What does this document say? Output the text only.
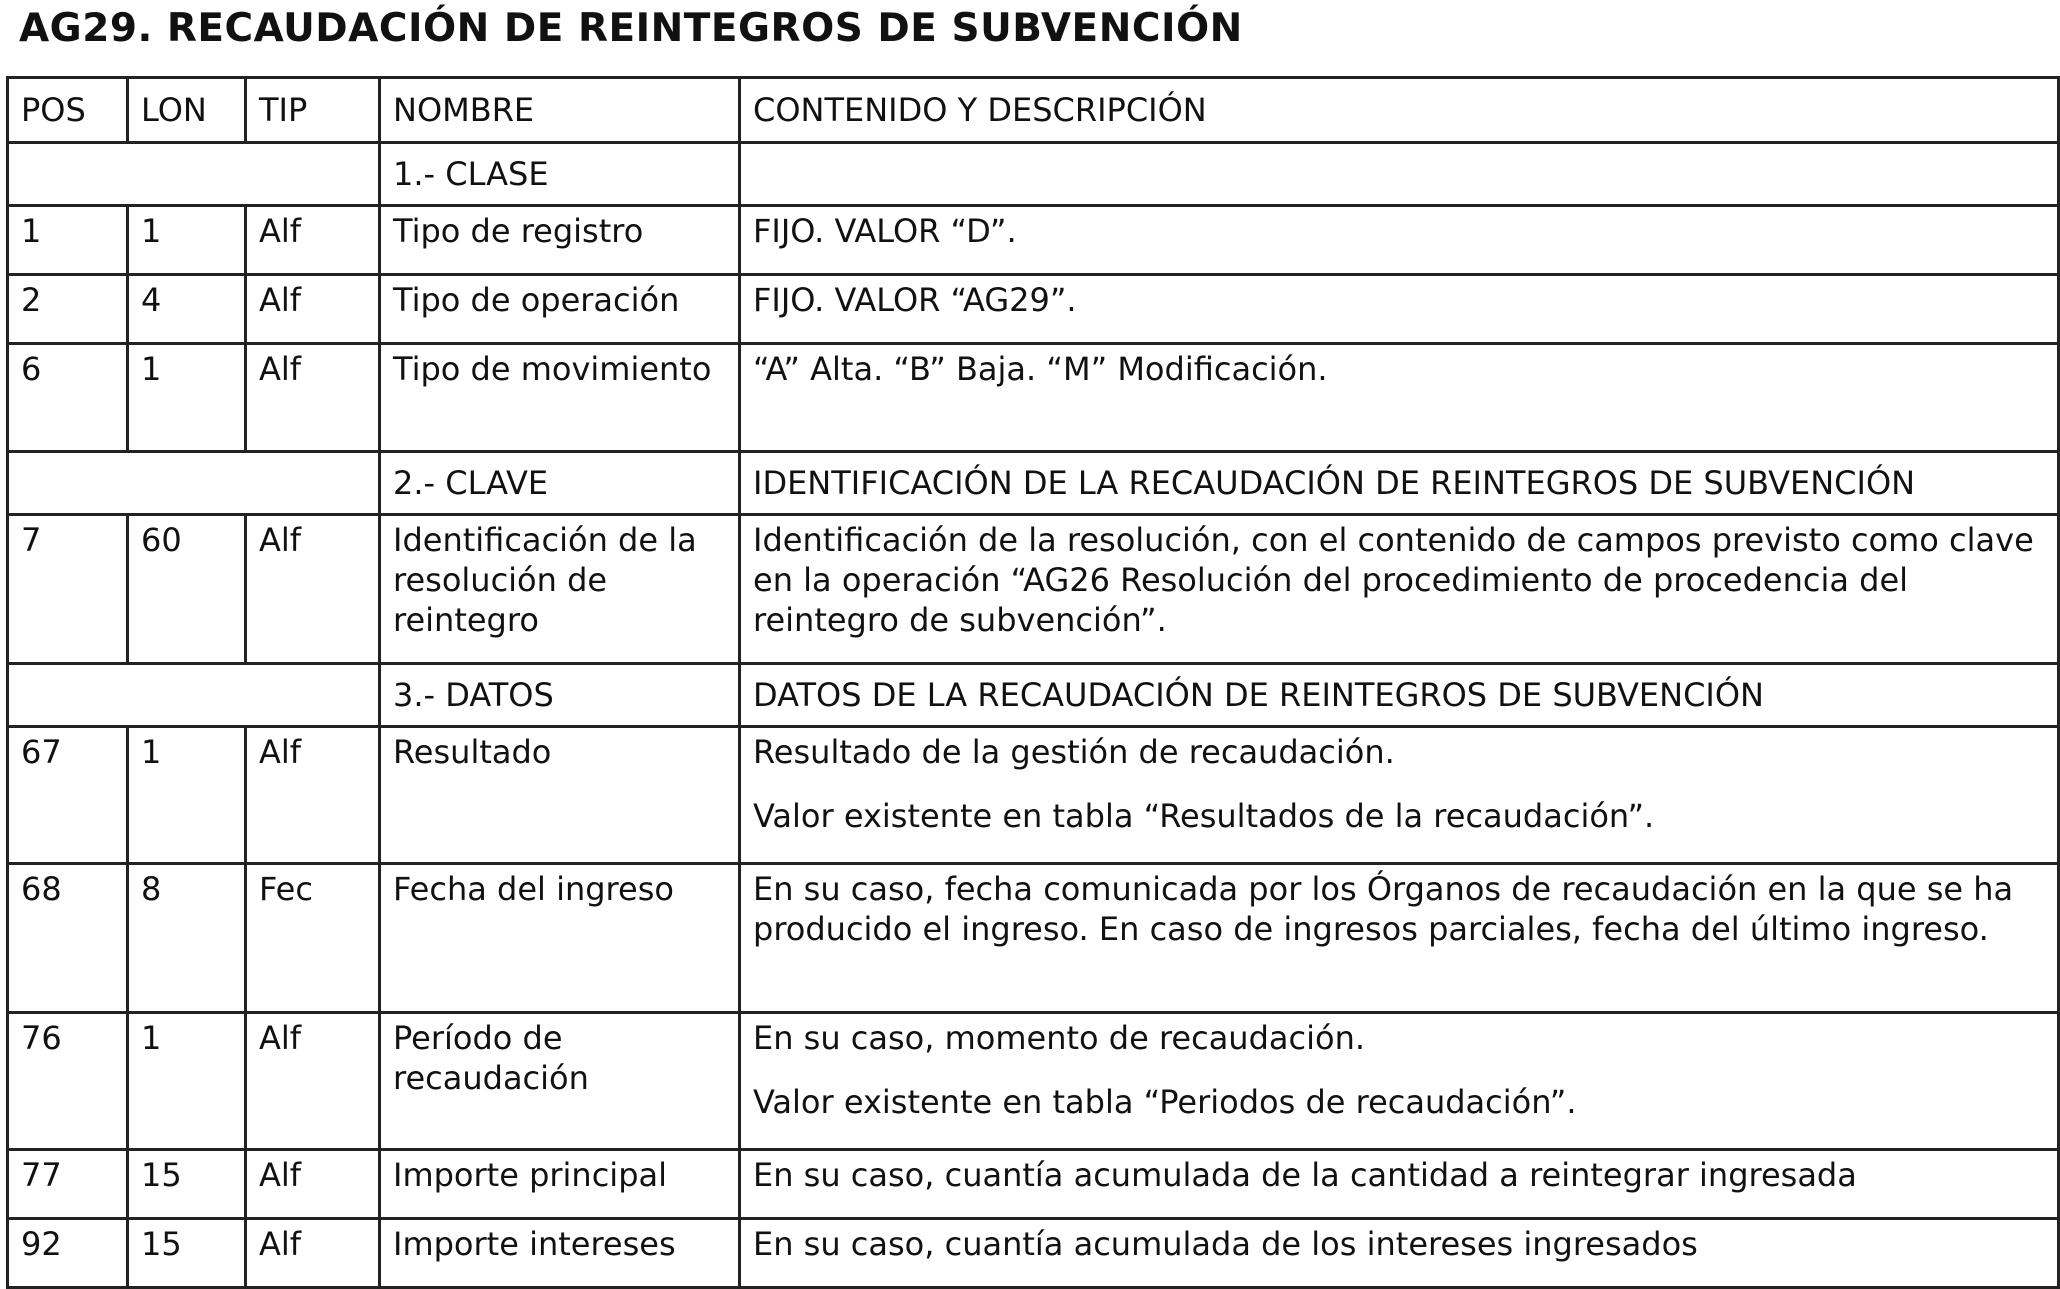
AG29. RECAUDACIÓN DE REINTEGROS DE SUBVENCIÓN
POS	LON	TIP	NOMBRE	CONTENIDO Y DESCRIPCIÓN
			1.- CLASE	
1	1	Alf	Tipo de registro	FIJO. VALOR “D”.

2	4	Alf	Tipo de operación	FIJO. VALOR “AG29”.

6	1	Alf	Tipo de movimiento	“A” Alta. “B” Baja. “M” Modificación.

			2.- CLAVE	IDENTIFICACIÓN DE LA RECAUDACIÓN DE REINTEGROS DE SUBVENCIÓN
7	60	Alf	Identificación de la resolución de reintegro	Identificación de la resolución, con el contenido de campos previsto como clave en la operación “AG26 Resolución del procedimiento de procedencia del reintegro de subvención”.

			3.- DATOS	DATOS DE LA RECAUDACIÓN DE REINTEGROS DE SUBVENCIÓN
67	1	Alf	Resultado	Resultado de la gestión de recaudación.

Valor existente en tabla “Resultados de la recaudación”.

68	8	Fec	Fecha del ingreso	En su caso, fecha comunicada por los Órganos de recaudación en la que se ha producido el ingreso. En caso de ingresos parciales, fecha del último ingreso.

76	1	Alf	Período de recaudación	En su caso, momento de recaudación.

Valor existente en tabla “Periodos de recaudación”.

77	15	Alf	Importe principal	En su caso, cuantía acumulada de la cantidad a reintegrar ingresada

92	15	Alf	Importe intereses	En su caso, cuantía acumulada de los intereses ingresados
